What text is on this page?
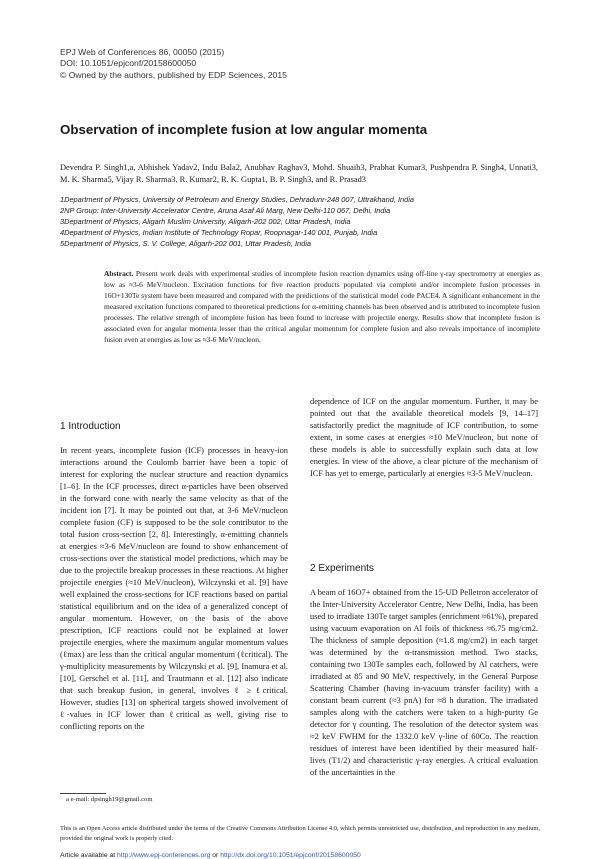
EPJ Web of Conferences 86, 00050 (2015)
DOI: 10.1051/epjconf/20158600050
© Owned by the authors, published by EDP Sciences, 2015
Observation of incomplete fusion at low angular momenta
Devendra P. Singh1,a, Abhishek Yadav2, Indu Bala2, Anubhav Raghav3, Mohd. Shuaib3, Prabhat Kumar3, Pushpendra P. Singh4, Unnati3, M. K. Sharma5, Vijay R. Sharma3, R. Kumar2, R. K. Gupta1, B. P. Singh3, and R. Prasad3
1Department of Physics, University of Petroleum and Energy Studies, Dehradunr-248 007, Uttrakhand, India
2NP Group: Inter-University Accelerator Centre, Aruna Asaf Ali Marg, New Delhi-110 067, Delhi, India
3Department of Physics, Aligarh Muslim University, Aligarh-202 002, Uttar Pradesh, India
4Department of Physics, Indian Institute of Technology Ropar, Roopnagar-140 001, Punjab, India
5Department of Physics, S. V. College, Aligarh-202 001, Uttar Pradesh, India
Abstract. Present work deals with experimental studies of incomplete fusion reaction dynamics using off-line γ-ray spectrometry at energies as low as ≈3-6 MeV/nucleon. Excitation functions for five reaction products populated via complete and/or incomplete fusion processes in 16O+130Te system have been measured and compared with the predictions of the statistical model code PACE4. A significant enhancement in the measured excitation functions compared to theoretical predictions for α-emitting channels has been observed and is attributed to incomplete fusion processes. The relative strength of incomplete fusion has been found to increase with projectile energy. Results show that incomplete fusion is associated even for angular momenta lesser than the critical angular momentum for complete fusion and also reveals importance of incomplete fusion even at energies as low as ≈3-6 MeV/nucleon.
1 Introduction

In recent years, incomplete fusion (ICF) processes in heavy-ion interactions around the Coulomb barrier have been a topic of interest for exploring the nuclear structure and reaction dynamics [1–6]. In the ICF processes, direct α-particles have been observed in the forward cone with nearly the same velocity as that of the incident ion [7]. It may be pointed out that, at 3-6 MeV/nucleon complete fusion (CF) is supposed to be the sole contributor to the total fusion cross-section [2, 8]. Interestingly, α-emitting channels at energies ≈3-6 MeV/nucleon are found to show enhancement of cross-sections over the statistical model predictions, which may be due to the projectile breakup processes in these reactions. At higher projectile energies (≈10 MeV/nucleon), Wilczynski et al. [9] have well explained the cross-sections for ICF reactions based on partial statistical equilibrium and on the idea of a generalized concept of angular momentum. However, on the basis of the above prescription, ICF reactions could not be explained at lower projectile energies, where the maximum angular momentum values (ℓmax) are less than the critical angular momentum (ℓcritical). The γ-multiplicity measurements by Wilczynski et al. [9], Inamura et al. [10], Gerschel et al. [11], and Trautmann et al. [12] also indicate that such breakup fusion, in general, involves ℓ ≥ ℓcritical. However, studies [13] on spherical targets showed involvement of ℓ-values in ICF lower than ℓcritical as well, giving rise to conflicting reports on the

dependence of ICF on the angular momentum. Further, it may be pointed out that the available theoretical models [9, 14–17] satisfactorily predict the magnitude of ICF contribution, to some extent, in some cases at energies ≈10 MeV/nucleon, but none of these models is able to successfully explain such data at low energies. In view of the above, a clear picture of the mechanism of ICF has yet to emerge, particularly at energies ≈3-5 MeV/nucleon.

2 Experiments

A beam of 16O7+ obtained from the 15-UD Pelletron accelerator of the Inter-University Accelerator Centre, New Delhi, India, has been used to irradiate 130Te target samples (enrichment ≈61%), prepared using vacuum evaporation on Al foils of thickness ≈6.75 mg/cm2. The thickness of sample deposition (≈1.8 mg/cm2) in each target was determined by the α-transmission method. Two stacks, containing two 130Te samples each, followed by Al catchers, were irradiated at 85 and 90 MeV, respectively, in the General Purpose Scattering Chamber (having in-vacuum transfer facility) with a constant beam current (≈3 pnA) for ≈8 h duration. The irradiated samples along with the catchers were taken to a high-purity Ge detector for γ counting. The resolution of the detector system was ≈2 keV FWHM for the 1332.0 keV γ-line of 60Co. The reaction residues of interest have been identified by their measured half-lives (T1/2) and characteristic γ-ray energies. A critical evaluation of the uncertainties in the

a e-mail: dpsingh19@gmail.com
This is an Open Access article distributed under the terms of the Creative Commons Attribution License 4.0, which permits unrestricted use, distribution, and reproduction in any medium, provided the original work is properly cited.
Article available at http://www.epj-conferences.org or http://dx.doi.org/10.1051/epjconf/20158600050
